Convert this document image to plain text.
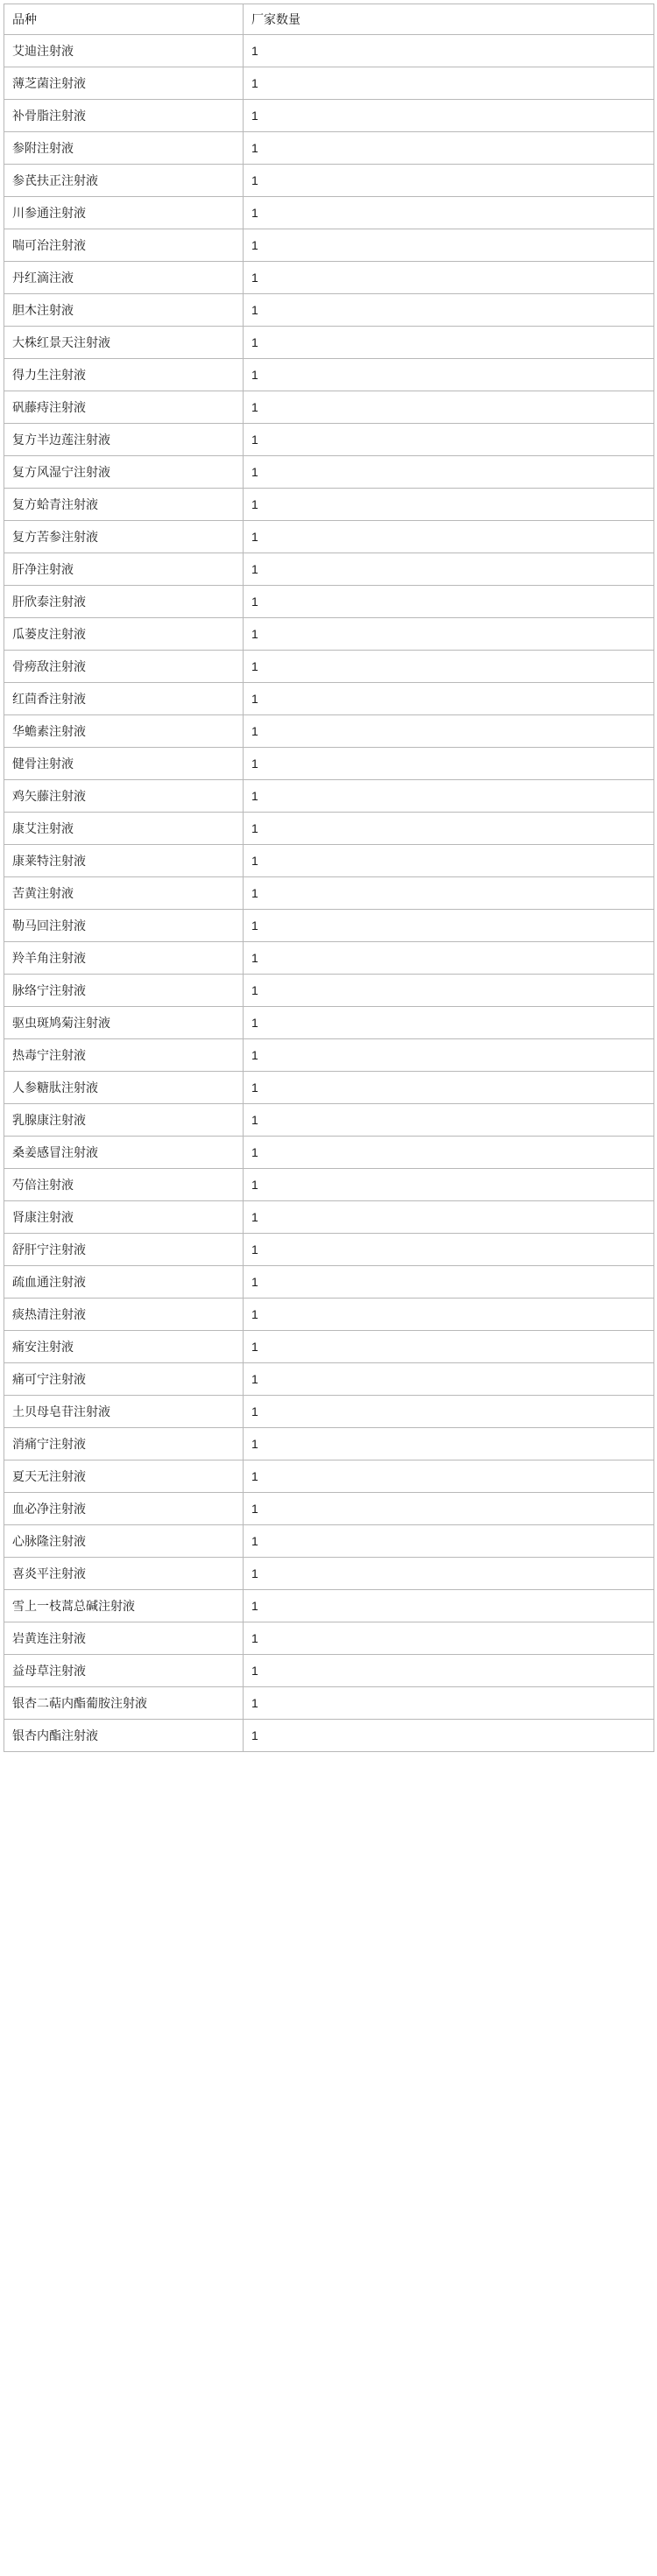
品种	厂家数量
艾迪注射液	1
薄芝菌注射液	1
补骨脂注射液	1
参附注射液	1
参芪扶正注射液	1
川参通注射液	1
喘可治注射液	1
丹红滴注液	1
胆木注射液	1
大株红景天注射液	1
得力生注射液	1
矾藤痔注射液	1
复方半边莲注射液	1
复方风湿宁注射液	1
复方蛤青注射液	1
复方苦参注射液	1
肝净注射液	1
肝欣泰注射液	1
瓜蒌皮注射液	1
骨痨敌注射液	1
红茴香注射液	1
华蟾素注射液	1
健骨注射液	1
鸡矢藤注射液	1
康艾注射液	1
康莱特注射液	1
苦黄注射液	1
勒马回注射液	1
羚羊角注射液	1
脉络宁注射液	1
驱虫斑鸠菊注射液	1
热毒宁注射液	1
人参糖肽注射液	1
乳腺康注射液	1
桑姜感冒注射液	1
芍倍注射液	1
肾康注射液	1
舒肝宁注射液	1
疏血通注射液	1
痰热清注射液	1
痛安注射液	1
痛可宁注射液	1
土贝母皂苷注射液	1
消痛宁注射液	1
夏天无注射液	1
血必净注射液	1
心脉隆注射液	1
喜炎平注射液	1
雪上一枝蒿总碱注射液	1
岩黄连注射液	1
益母草注射液	1
银杏二萜内酯葡胺注射液	1
银杏内酯注射液	1
